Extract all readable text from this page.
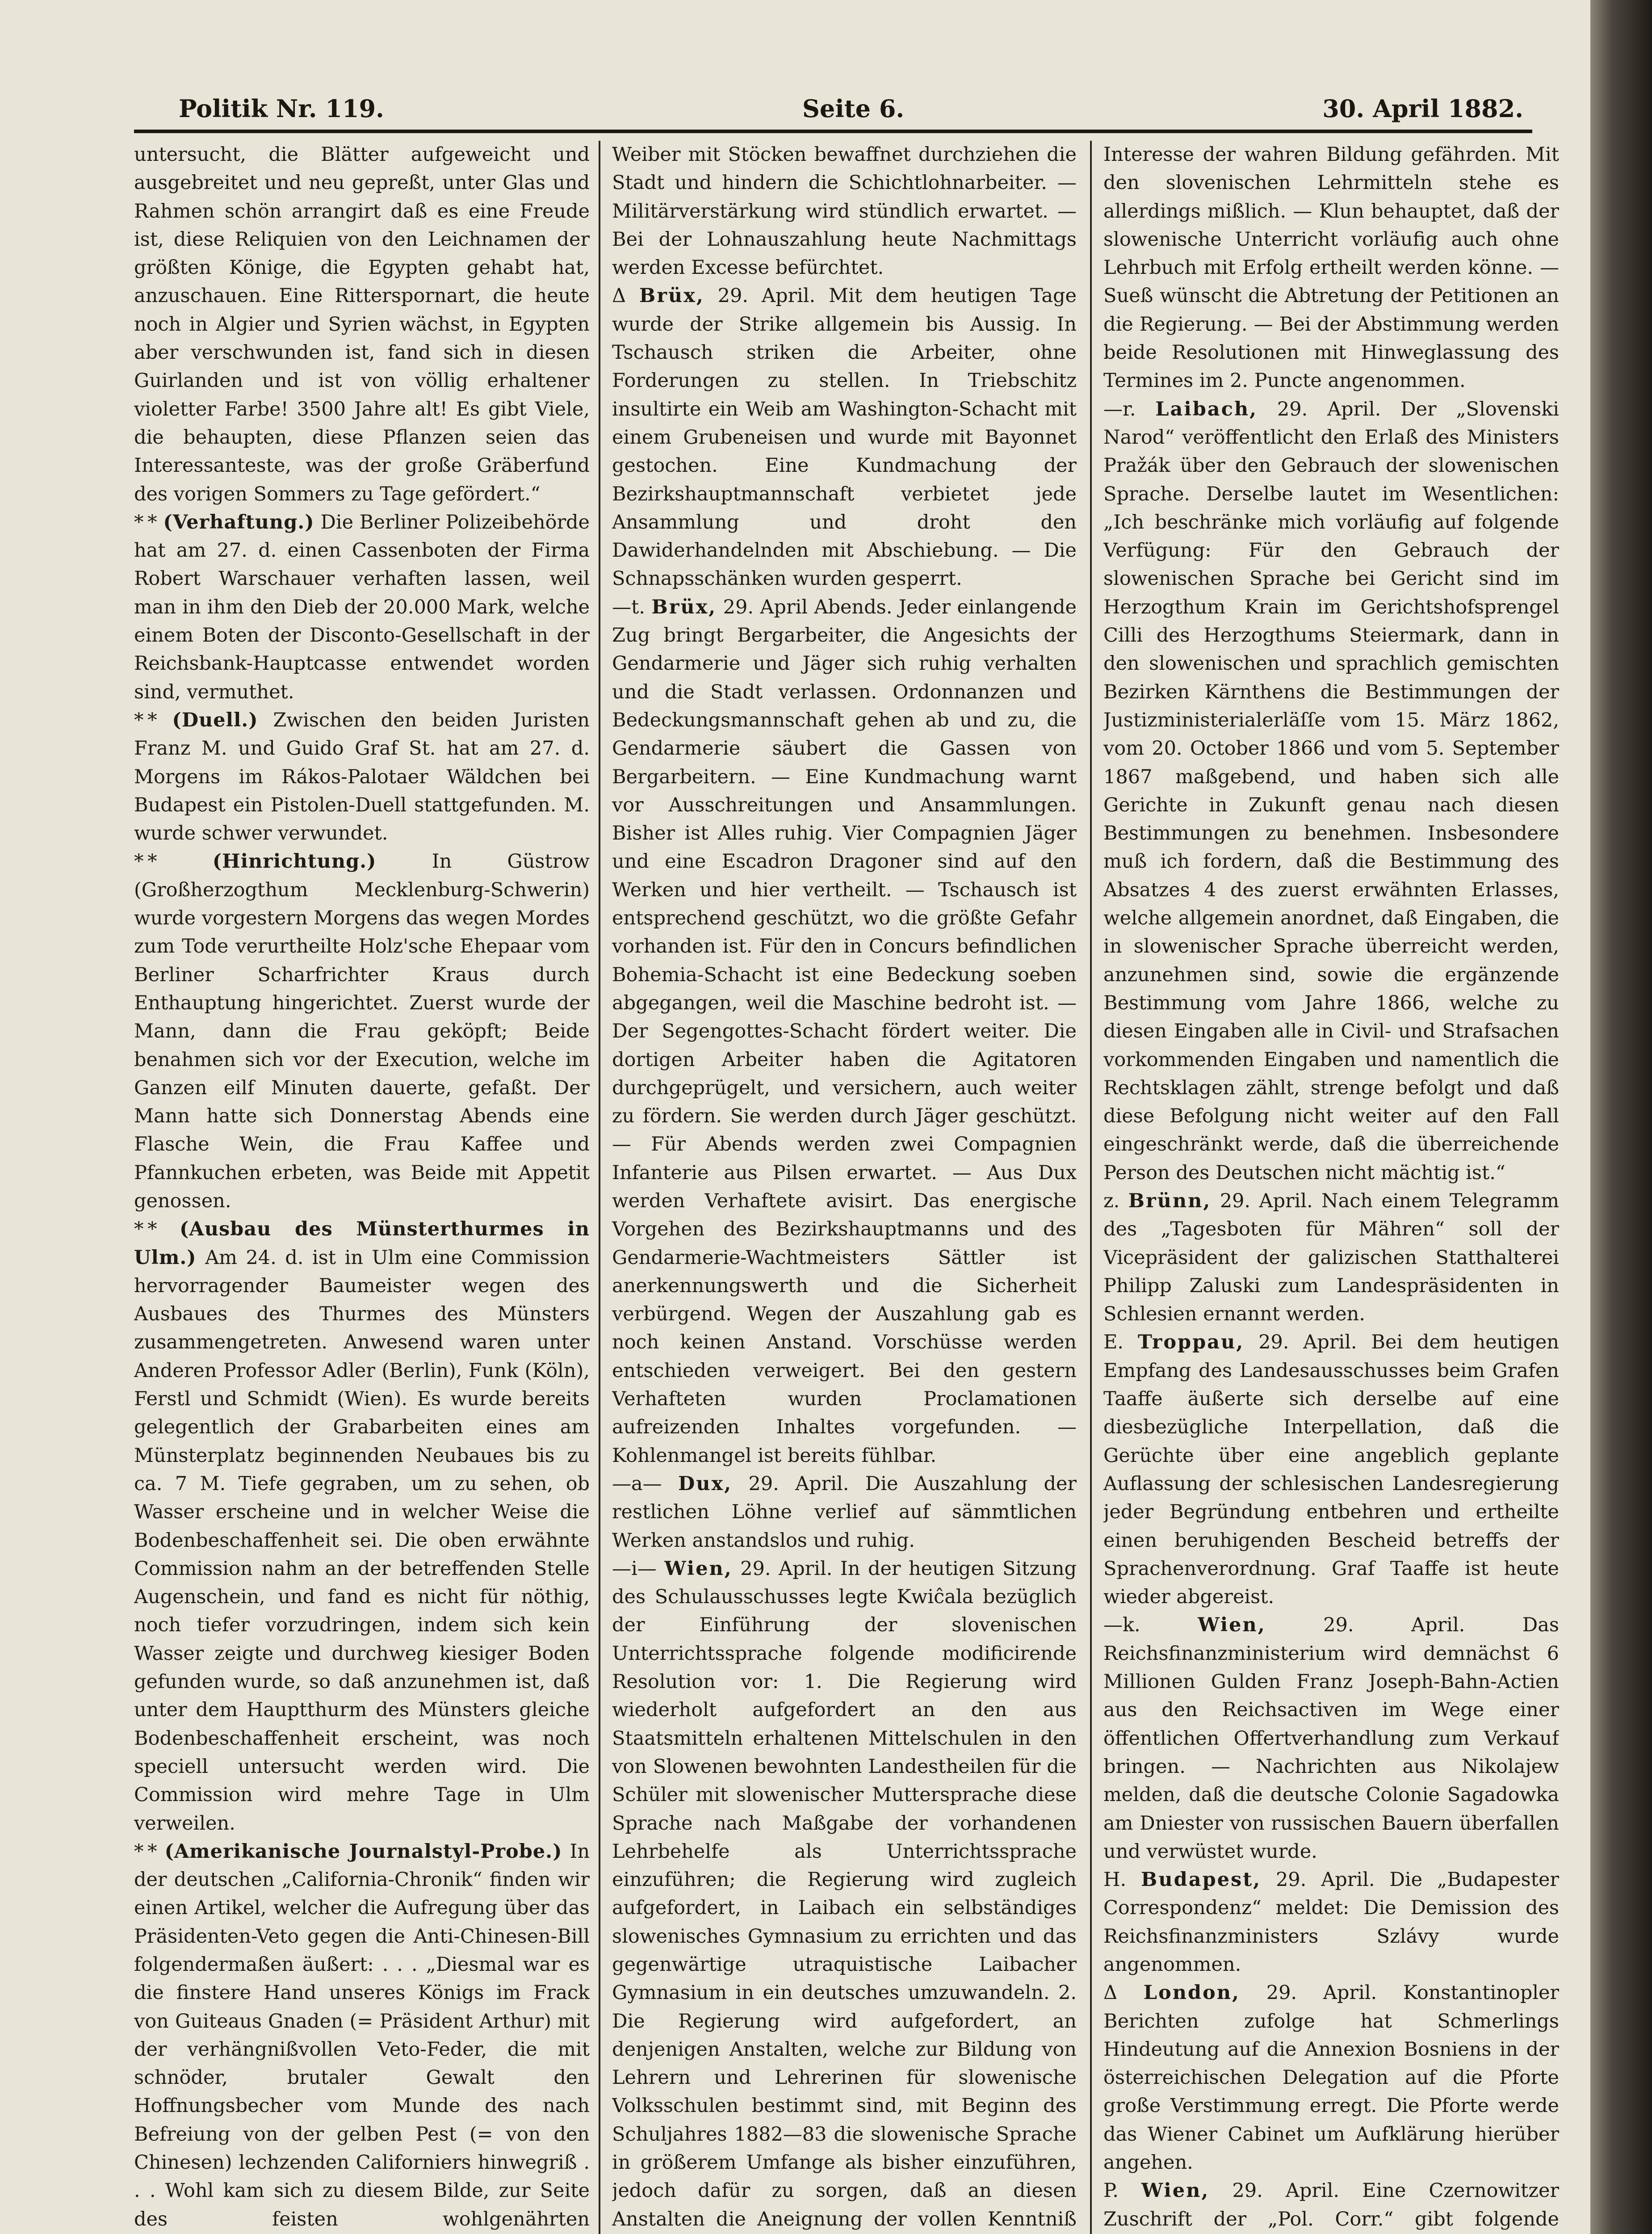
Politik Nr. 119.	Seite 6.	30. April 1882.

untersucht, die Blätter aufgeweicht und ausgebreitet und neu gepreßt, unter Glas und Rahmen schön arrangirt daß es eine Freude ist, diese Reliquien von den Leichnamen der größten Könige, die Egypten gehabt hat, anzuschauen. Eine Ritterspornart, die heute noch in Algier und Syrien wächst, in Egypten aber verschwunden ist, fand sich in diesen Guirlanden und ist von völlig erhaltener violetter Farbe! 3500 Jahre alt! Es gibt Viele, die behaupten, diese Pflanzen seien das Interessanteste, was der große Gräberfund des vorigen Sommers zu Tage gefördert.“

* * (Verhaftung.) Die Berliner Polizeibehörde hat am 27. d. einen Cassenboten der Firma Robert Warschauer verhaften lassen, weil man in ihm den Dieb der 20.000 Mark, welche einem Boten der Disconto-Gesellschaft in der Reichsbank-Hauptcasse entwendet worden sind, vermuthet.

* * (Duell.) Zwischen den beiden Juristen Franz M. und Guido Graf St. hat am 27. d. Morgens im Rákos-Palotaer Wäldchen bei Budapest ein Pistolen-Duell stattgefunden. M. wurde schwer verwundet.

* * (Hinrichtung.)	In Güstrow (Großherzogthum Mecklenburg-Schwerin) wurde vorgestern Morgens das wegen Mordes zum Tode verurtheilte Holz'sche Ehepaar vom Berliner Scharfrichter Kraus durch Enthauptung hingerichtet. Zuerst wurde der Mann, dann die Frau geköpft; Beide benahmen sich vor der Execution, welche im Ganzen eilf Minuten dauerte, gefaßt. Der Mann hatte sich Donnerstag Abends eine Flasche Wein, die Frau Kaffee und Pfannkuchen erbeten, was Beide mit Appetit genossen.

* * (Ausbau des Münsterthurmes in Ulm.) Am 24. d. ist in Ulm eine Commission hervorragender Baumeister wegen des Ausbaues des Thurmes des Münsters zusammengetreten. Anwesend waren unter Anderen Professor Adler (Berlin), Funk (Köln), Ferstl und Schmidt (Wien). Es wurde bereits gelegentlich der Grabarbeiten eines am Münsterplatz beginnenden Neubaues bis zu ca. 7 M. Tiefe gegraben, um zu sehen, ob Wasser erscheine und in welcher Weise die Bodenbeschaffenheit sei. Die oben erwähnte Commission nahm an der betreffenden Stelle Augenschein, und fand es nicht für nöthig, noch tiefer vorzudringen, indem sich kein Wasser zeigte und durchweg kiesiger Boden gefunden wurde, so daß anzunehmen ist, daß unter dem Hauptthurm des Münsters gleiche Bodenbeschaffenheit erscheint, was noch speciell untersucht werden wird. Die Commission wird mehre Tage in Ulm verweilen.

* * (Amerikanische Journalstyl-Probe.) In der deutschen „California-Chronik“ finden wir einen Artikel, welcher die Aufregung über das Präsidenten-Veto gegen die Anti-Chinesen-Bill folgendermaßen äußert: . . . „Diesmal war es die finstere Hand unseres Königs im Frack von Guiteaus Gnaden (= Präsident Arthur) mit der verhängnißvollen Veto-Feder, die mit schnöder, brutaler Gewalt den Hoffnungsbecher vom Munde des nach Befreiung von der gelben Pest (= von den Chinesen) lechzenden Californiers hinwegriß . . . Wohl kam sich zu diesem Bilde, zur Seite des feisten wohlgenährten

Weiber mit Stöcken bewaffnet durchziehen die Stadt und hindern die Schichtlohnarbeiter. — Militärverstärkung wird stündlich erwartet. — Bei der Lohnauszahlung heute Nachmittags werden Excesse befürchtet.

Δ Brüx, 29. April. Mit dem heutigen Tage wurde der Strike allgemein bis Aussig. In Tschausch striken die Arbeiter, ohne Forderungen zu stellen. In Triebschitz insultirte ein Weib am Washington-Schacht mit einem Grubeneisen und wurde mit Bayonnet gestochen. Eine Kundmachung der Bezirkshauptmannschaft verbietet jede Ansammlung und droht den Dawiderhandelnden mit Abschiebung. — Die Schnapsschänken wurden gesperrt.

—t. Brüx, 29. April Abends. Jeder einlangende Zug bringt Bergarbeiter, die Angesichts der Gendarmerie und Jäger sich ruhig verhalten und die Stadt verlassen. Ordonnanzen und Bedeckungsmannschaft gehen ab und zu, die Gendarmerie säubert die Gassen von Bergarbeitern. — Eine Kundmachung warnt vor Ausschreitungen und Ansammlungen. Bisher ist Alles ruhig. Vier Compagnien Jäger und eine Escadron Dragoner sind auf den Werken und hier vertheilt. — Tschausch ist entsprechend geschützt, wo die größte Gefahr vorhanden ist. Für den in Concurs befindlichen Bohemia-Schacht ist eine Bedeckung soeben abgegangen, weil die Maschine bedroht ist. — Der Segengottes-Schacht fördert weiter. Die dortigen Arbeiter haben die Agitatoren durchgeprügelt, und versichern, auch weiter zu fördern. Sie werden durch Jäger geschützt. — Für Abends werden zwei Compagnien Infanterie aus Pilsen erwartet. — Aus Dux werden Verhaftete avisirt. Das energische Vorgehen des Bezirkshauptmanns und des Gendarmerie-Wachtmeisters Sättler ist anerkennungswerth und die Sicherheit verbürgend. Wegen der Auszahlung gab es noch keinen Anstand. Vorschüsse werden entschieden verweigert. Bei den gestern Verhafteten wurden Proclamationen aufreizenden Inhaltes vorgefunden. — Kohlenmangel ist bereits fühlbar.

—a— Dux, 29. April. Die Auszahlung der restlichen Löhne verlief auf sämmtlichen Werken anstandslos und ruhig.

—i— Wien, 29. April. In der heutigen Sitzung des Schulausschusses legte Kwiĉala bezüglich der Einführung der slovenischen Unterrichtssprache folgende modificirende Resolution vor: 1. Die Regierung wird wiederholt aufgefordert an den aus Staatsmitteln erhaltenen Mittelschulen in den von Slowenen bewohnten Landestheilen für die Schüler mit slowenischer Muttersprache diese Sprache nach Maßgabe der vorhandenen Lehrbehelfe als Unterrichtssprache einzuführen; die Regierung wird zugleich aufgefordert, in Laibach ein selbständiges slowenisches Gymnasium zu errichten und das gegenwärtige utraquistische Laibacher Gymnasium in ein deutsches umzuwandeln. 2. Die Regierung wird aufgefordert, an denjenigen Anstalten, welche zur Bildung von Lehrern und Lehrerinen für slowenische Volksschulen bestimmt sind, mit Beginn des Schuljahres 1882—83 die slowenische Sprache in größerem Umfange als bisher einzuführen, jedoch dafür zu sorgen, daß an diesen Anstalten die Aneignung der vollen Kenntniß

Interesse der wahren Bildung gefährden. Mit den slovenischen Lehrmitteln stehe es allerdings mißlich. — Klun behauptet, daß der slowenische Unterricht vorläufig auch ohne Lehrbuch mit Erfolg ertheilt werden könne. — Sueß wünscht die Abtretung der Petitionen an die Regierung. — Bei der Abstimmung werden beide Resolutionen mit Hinweglassung des Termines im 2. Puncte angenommen.

—r. Laibach, 29. April. Der „Slovenski Narod“ veröffentlicht den Erlaß des Ministers Pražák über den Gebrauch der slowenischen Sprache. Derselbe lautet im Wesentlichen: „Ich beschränke mich vorläufig auf folgende Verfügung: Für den Gebrauch der slowenischen Sprache bei Gericht sind im Herzogthum Krain im Gerichtshofsprengel Cilli des Herzogthums Steiermark, dann in den slowenischen und sprachlich gemischten Bezirken Kärnthens die Bestimmungen der Justizministerialerläſſe vom 15. März 1862, vom 20. October 1866 und vom 5. September 1867 maßgebend, und haben sich alle Gerichte in Zukunft genau nach diesen Bestimmungen zu benehmen. Insbesondere muß ich fordern, daß die Bestimmung des Absatzes 4 des zuerst erwähnten Erlasses, welche allgemein anordnet, daß Eingaben, die in slowenischer Sprache überreicht werden, anzunehmen sind, sowie die ergänzende Bestimmung vom Jahre 1866, welche zu diesen Eingaben alle in Civil- und Strafsachen vorkommenden Eingaben und namentlich die Rechtsklagen zählt, strenge befolgt und daß diese Befolgung nicht weiter auf den Fall eingeschränkt werde, daß die überreichende Person des Deutschen nicht mächtig ist.“

z. Brünn, 29. April. Nach einem Telegramm des „Tagesboten für Mähren“ soll der Vicepräsident der galizischen Statthalterei Philipp Zaluski zum Landespräsidenten in Schlesien ernannt werden.

E. Troppau, 29. April. Bei dem heutigen Empfang des Landesausschusses beim Grafen Taaffe äußerte sich derselbe auf eine diesbezügliche Interpellation, daß die Gerüchte über eine angeblich geplante Auflassung der schlesischen Landesregierung jeder Begründung entbehren und ertheilte einen beruhigenden Bescheid betreffs der Sprachenverordnung. Graf Taaffe ist heute wieder abgereist.

—k. Wien,	29. April. Das Reichsfinanzministerium wird demnächst 6 Millionen Gulden Franz Joseph-Bahn-Actien aus den Reichsactiven im Wege einer öffentlichen Offertverhandlung zum Verkauf bringen. — Nachrichten aus Nikolajew melden, daß die deutsche Colonie Sagadowka am Dniester von russischen Bauern überfallen und verwüstet wurde.

H. Budapest, 29. April. Die „Budapester Correspondenz“ meldet: Die Demission des Reichsfinanzministers Szlávy wurde angenommen.

Δ London, 29. April. Konstantinopler Berichten zufolge hat Schmerlings Hindeutung auf die Annexion Bosniens in der österreichischen Delegation auf die Pforte große Verstimmung erregt. Die Pforte werde das Wiener Cabinet um Aufklärung hierüber angehen.

P. Wien, 29. April. Eine Czernowitzer Zuschrift der „Pol. Corr.“ gibt folgende
